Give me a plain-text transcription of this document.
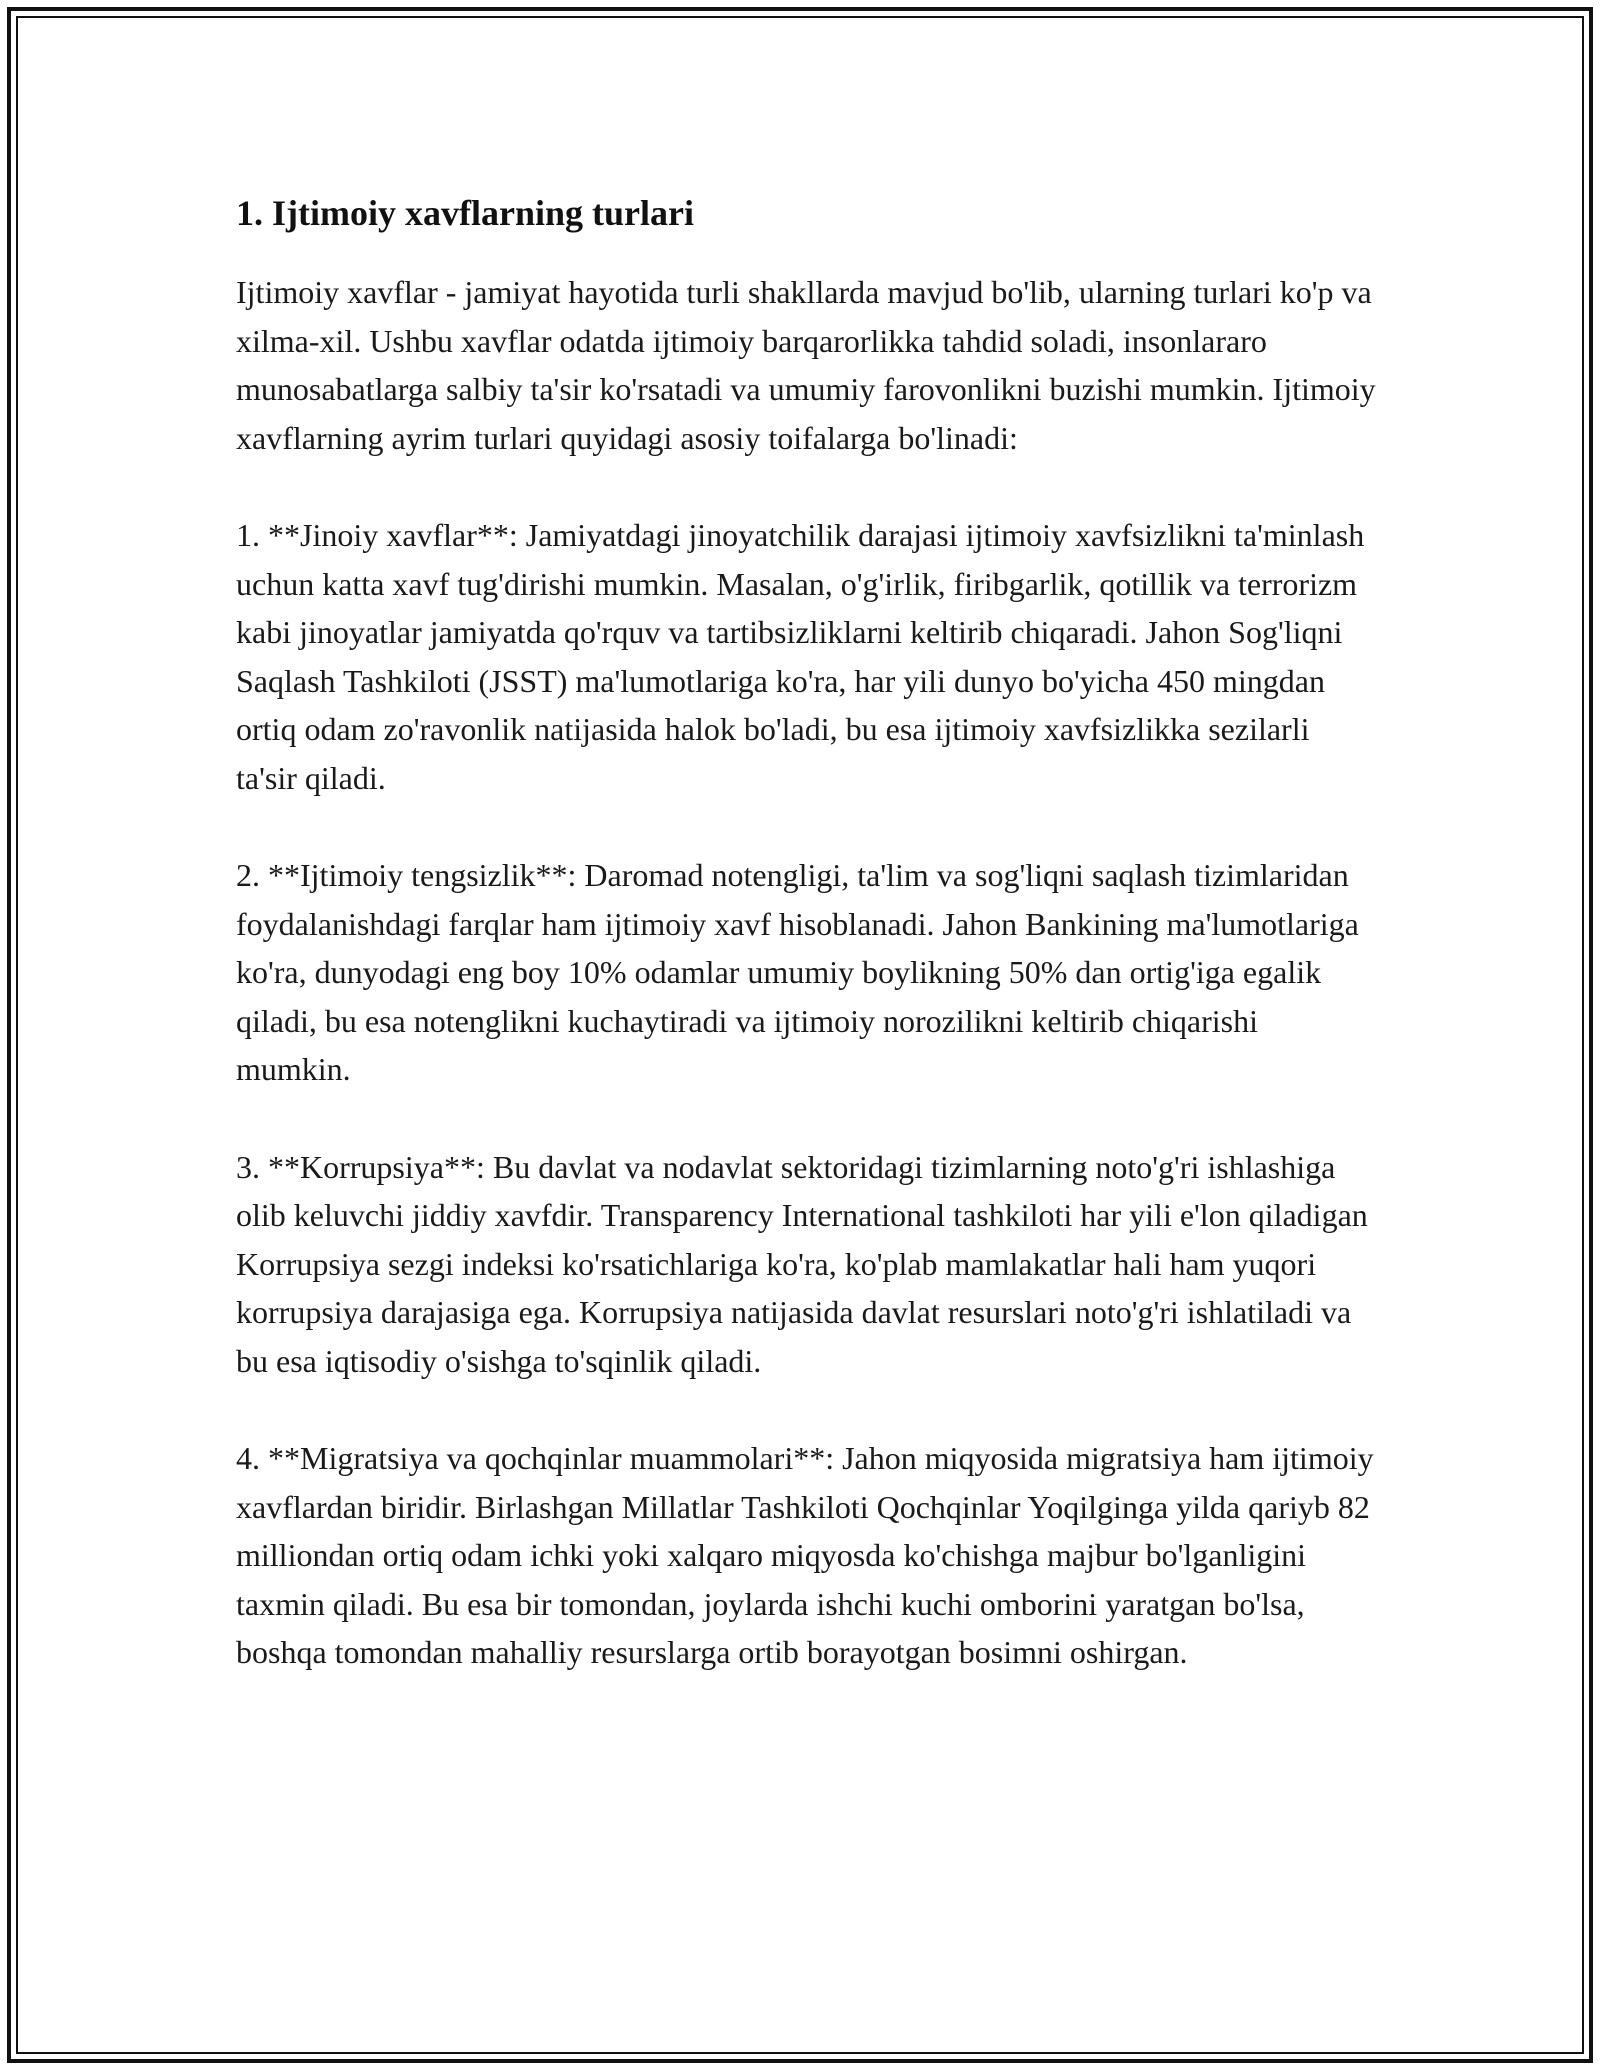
1. Ijtimoiy xavflarning turlari

Ijtimoiy xavflar - jamiyat hayotida turli shakllarda mavjud bo'lib, ularning turlari ko'p va xilma-xil. Ushbu xavflar odatda ijtimoiy barqarorlikka tahdid soladi, insonlararo munosabatlarga salbiy ta'sir ko'rsatadi va umumiy farovonlikni buzishi mumkin. Ijtimoiy xavflarning ayrim turlari quyidagi asosiy toifalarga bo'linadi:

1. **Jinoiy xavflar**: Jamiyatdagi jinoyatchilik darajasi ijtimoiy xavfsizlikni ta'minlash uchun katta xavf tug'dirishi mumkin. Masalan, o'g'irlik, firibgarlik, qotillik va terrorizm kabi jinoyatlar jamiyatda qo'rquv va tartibsizliklarni keltirib chiqaradi. Jahon Sog'liqni Saqlash Tashkiloti (JSST) ma'lumotlariga ko'ra, har yili dunyo bo'yicha 450 mingdan ortiq odam zo'ravonlik natijasida halok bo'ladi, bu esa ijtimoiy xavfsizlikka sezilarli ta'sir qiladi.

2. **Ijtimoiy tengsizlik**: Daromad notengligi, ta'lim va sog'liqni saqlash tizimlaridan foydalanishdagi farqlar ham ijtimoiy xavf hisoblanadi. Jahon Bankining ma'lumotlariga ko'ra, dunyodagi eng boy 10% odamlar umumiy boylikning 50% dan ortig'iga egalik qiladi, bu esa notenglikni kuchaytiradi va ijtimoiy norozilikni keltirib chiqarishi mumkin.

3. **Korrupsiya**: Bu davlat va nodavlat sektoridagi tizimlarning noto'g'ri ishlashiga olib keluvchi jiddiy xavfdir. Transparency International tashkiloti har yili e'lon qiladigan Korrupsiya sezgi indeksi ko'rsatichlariga ko'ra, ko'plab mamlakatlar hali ham yuqori korrupsiya darajasiga ega. Korrupsiya natijasida davlat resurslari noto'g'ri ishlatiladi va bu esa iqtisodiy o'sishga to'sqinlik qiladi.

4. **Migratsiya va qochqinlar muammolari**: Jahon miqyosida migratsiya ham ijtimoiy xavflardan biridir. Birlashgan Millatlar Tashkiloti Qochqinlar Yoqilginga yilda qariyb 82 milliondan ortiq odam ichki yoki xalqaro miqyosda ko'chishga majbur bo'lganligini taxmin qiladi. Bu esa bir tomondan, joylarda ishchi kuchi omborini yaratgan bo'lsa, boshqa tomondan mahalliy resurslarga ortib borayotgan bosimni oshirgan.
